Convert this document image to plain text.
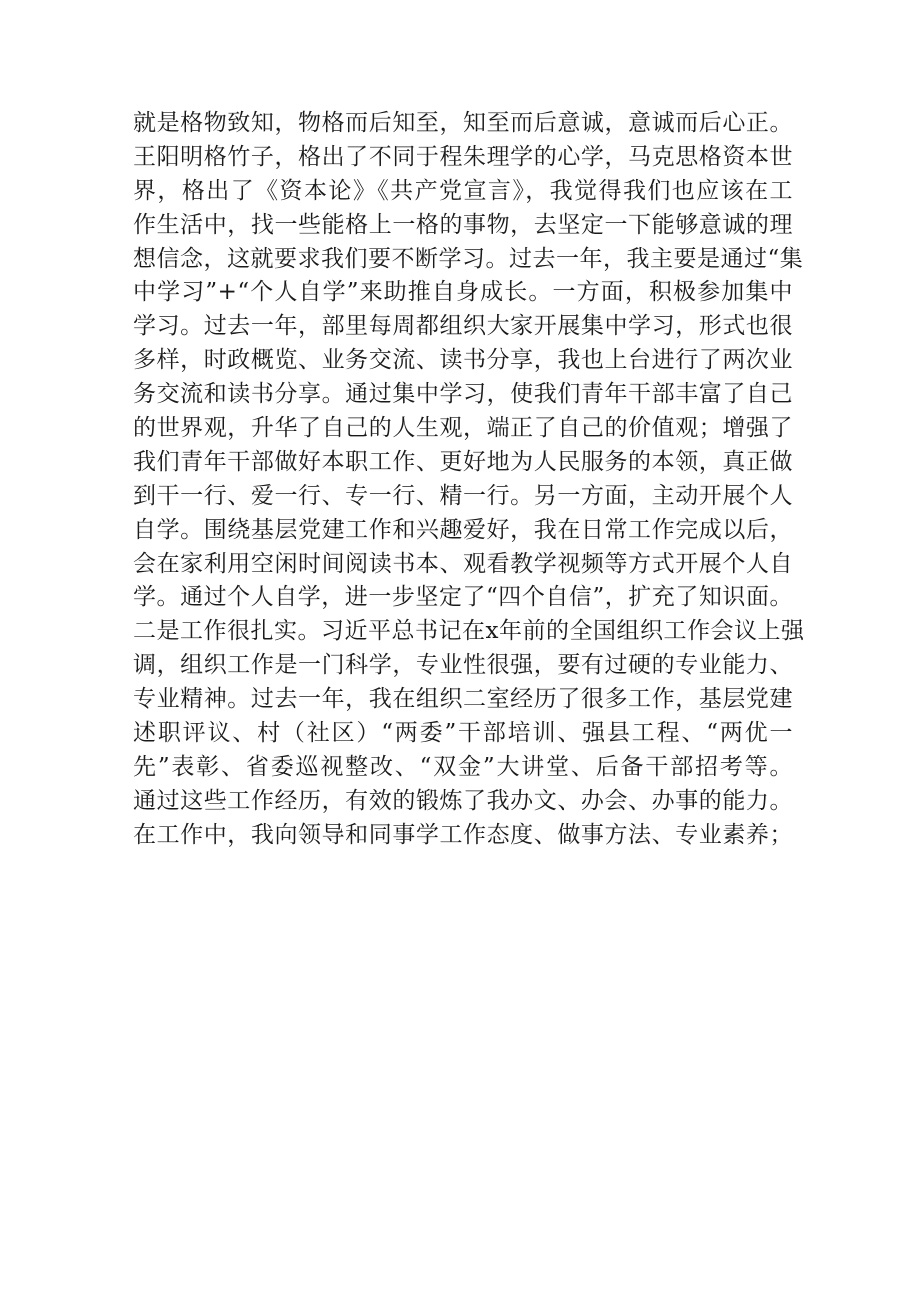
就是格物致知，物格而后知至，知至而后意诚，意诚而后心正。
王阳明格竹子，格出了不同于程朱理学的心学，马克思格资本世
界，格出了《资本论》《共产党宣言》，我觉得我们也应该在工
作生活中，找一些能格上一格的事物，去坚定一下能够意诚的理
想信念，这就要求我们要不断学习。过去一年，我主要是通过“集
中学习”+“个人自学”来助推自身成长。一方面，积极参加集中
学习。过去一年，部里每周都组织大家开展集中学习，形式也很
多样，时政概览、业务交流、读书分享，我也上台进行了两次业
务交流和读书分享。通过集中学习，使我们青年干部丰富了自己
的世界观，升华了自己的人生观，端正了自己的价值观；增强了
我们青年干部做好本职工作、更好地为人民服务的本领，真正做
到干一行、爱一行、专一行、精一行。另一方面，主动开展个人
自学。围绕基层党建工作和兴趣爱好，我在日常工作完成以后，
会在家利用空闲时间阅读书本、观看教学视频等方式开展个人自
学。通过个人自学，进一步坚定了“四个自信”，扩充了知识面。
二是工作很扎实。习近平总书记在x年前的全国组织工作会议上强
调，组织工作是一门科学，专业性很强，要有过硬的专业能力、
专业精神。过去一年，我在组织二室经历了很多工作，基层党建
述职评议、村（社区）“两委”干部培训、强县工程、“两优一
先”表彰、省委巡视整改、“双金”大讲堂、后备干部招考等。
通过这些工作经历，有效的锻炼了我办文、办会、办事的能力。
在工作中，我向领导和同事学工作态度、做事方法、专业素养；
